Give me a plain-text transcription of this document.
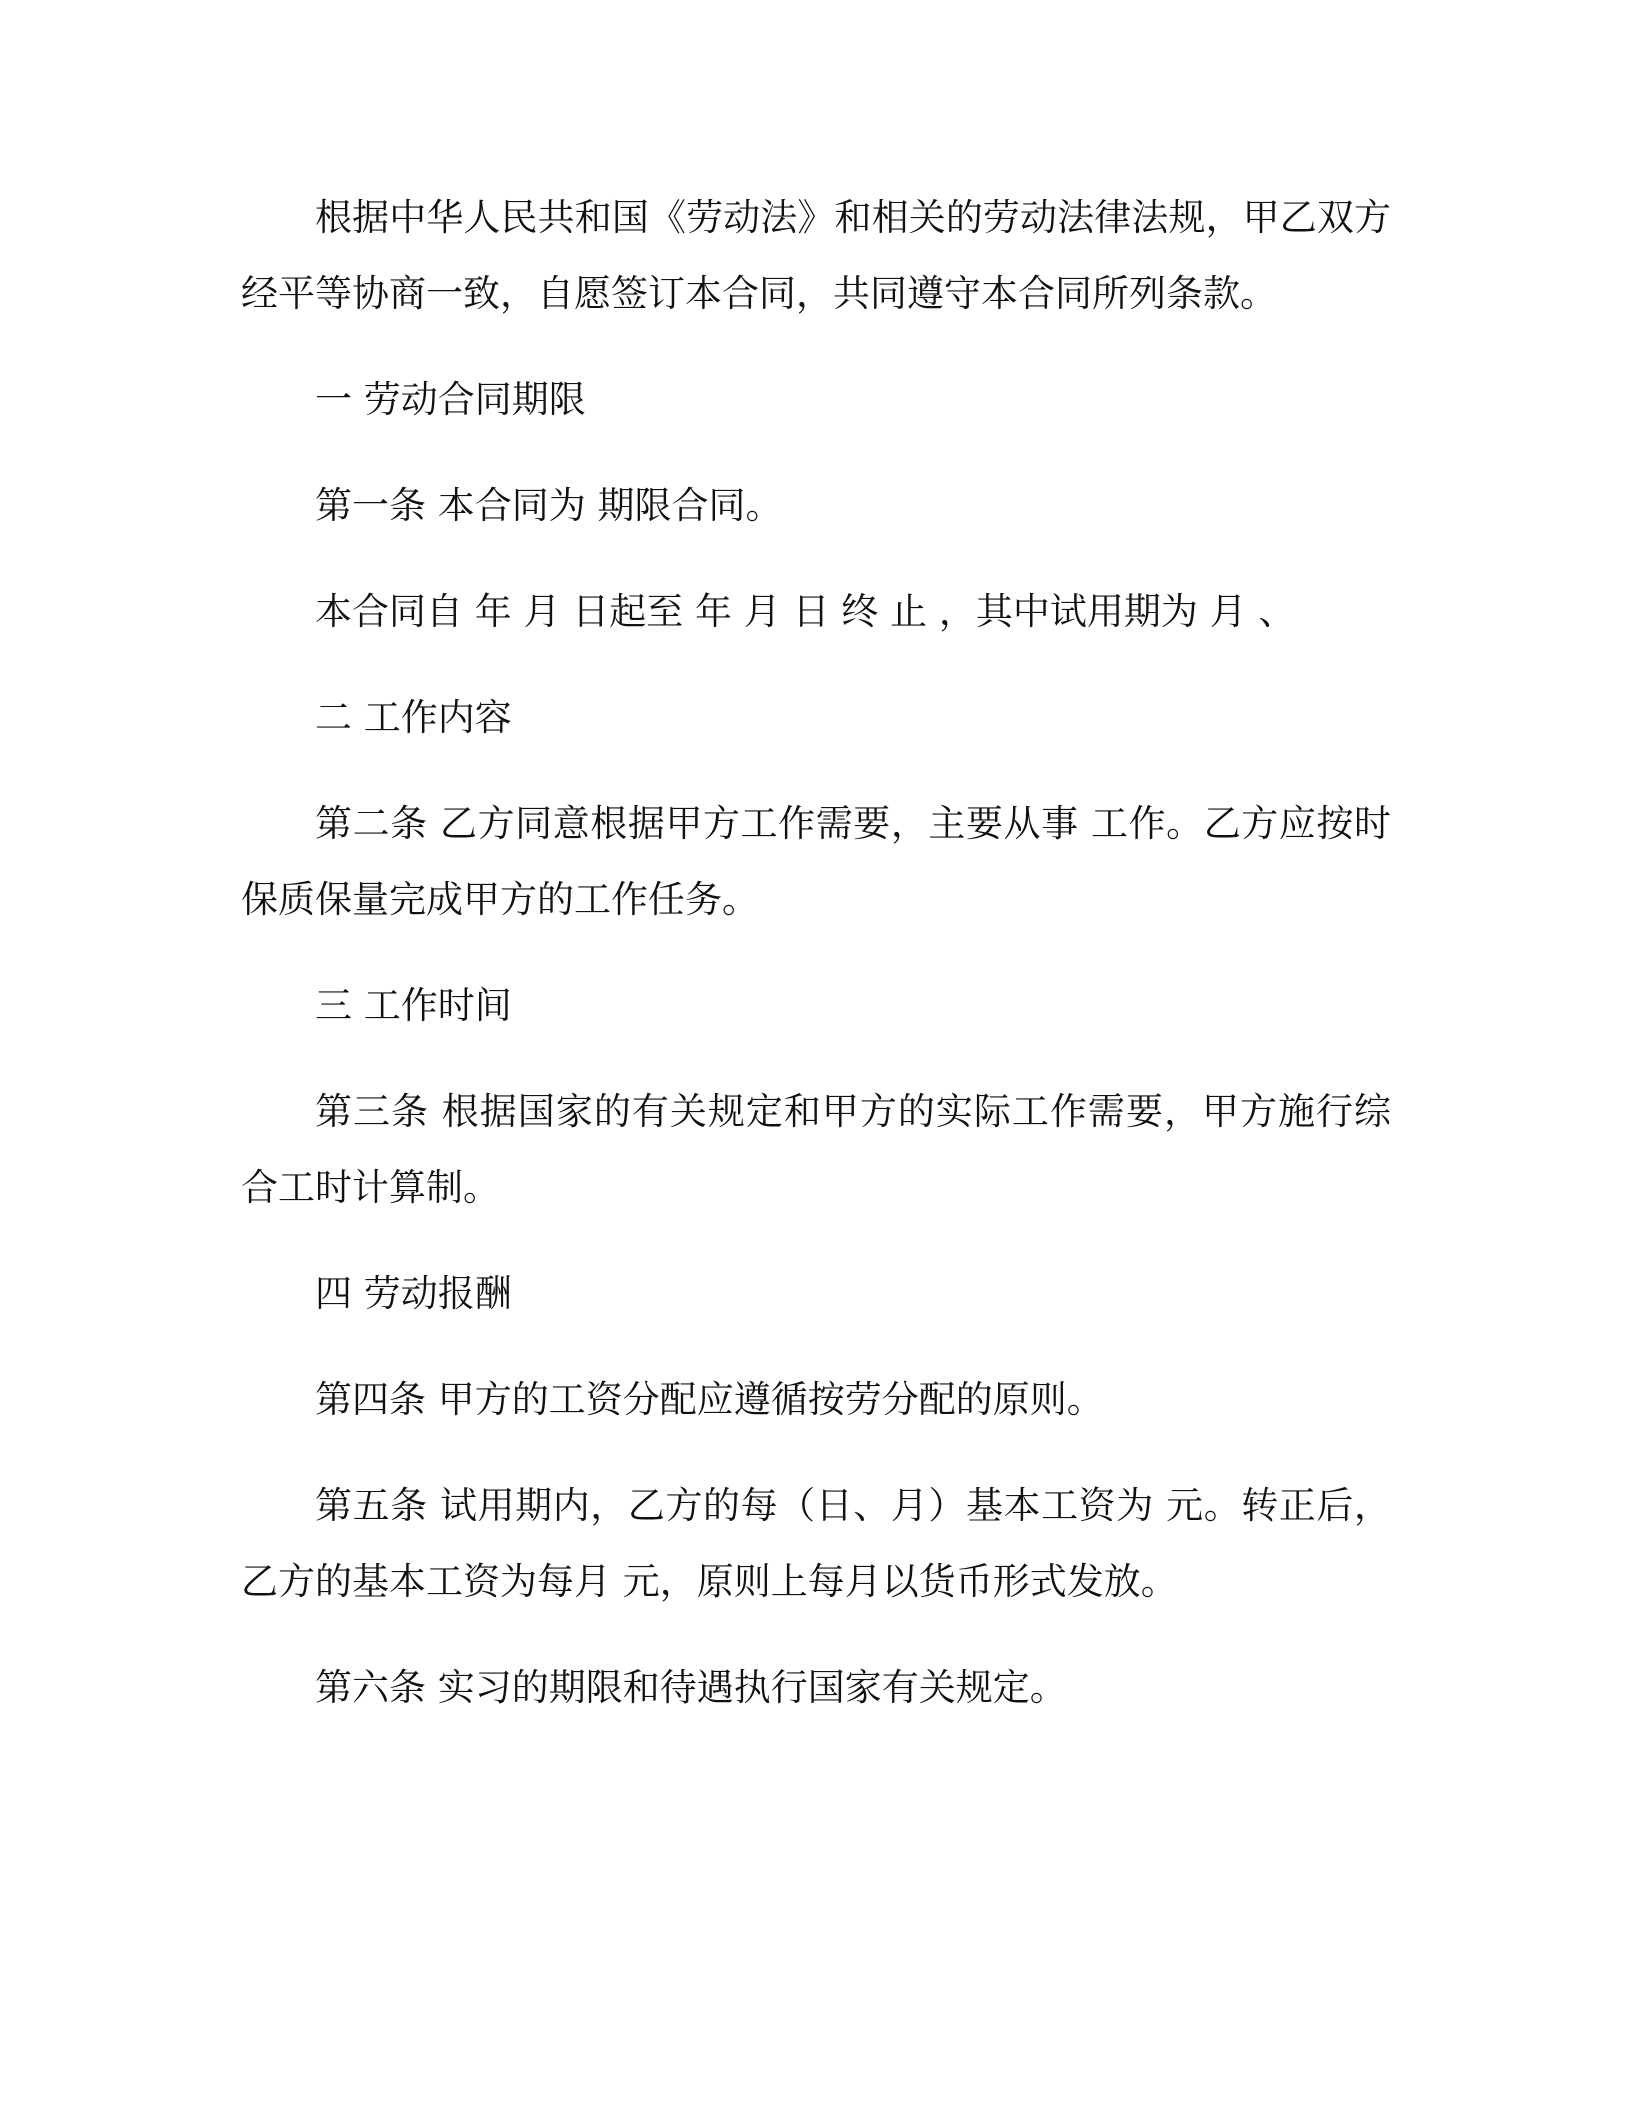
根据中华人民共和国《劳动法》和相关的劳动法律法规，甲乙双方经平等协商一致，自愿签订本合同，共同遵守本合同所列条款。

一 劳动合同期限

第一条 本合同为 期限合同。

本合同自 年 月 日起至 年 月 日 终 止 ，其中试用期为 月 、

二 工作内容

第二条 乙方同意根据甲方工作需要，主要从事 工作。乙方应按时保质保量完成甲方的工作任务。

三 工作时间

第三条 根据国家的有关规定和甲方的实际工作需要，甲方施行综合工时计算制。

四 劳动报酬

第四条 甲方的工资分配应遵循按劳分配的原则。

第五条 试用期内，乙方的每（日、月）基本工资为 元。转正后，乙方的基本工资为每月 元，原则上每月以货币形式发放。

第六条 实习的期限和待遇执行国家有关规定。
